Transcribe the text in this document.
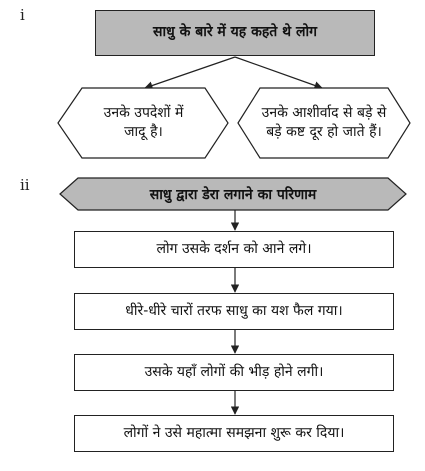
i
ii
साधु के बारे में यह कहते थे लोग
उनके उपदेशों में
जादू है।
उनके आशीर्वाद से बड़े से
बड़े कष्ट दूर हो जाते हैं।
साधु द्वारा डेरा लगाने का परिणाम
लोग उसके दर्शन को आने लगे।
धीरे-धीरे चारों तरफ साधु का यश फैल गया।
उसके यहाँ लोगों की भीड़ होने लगी।
लोगों ने उसे महात्मा समझना शुरू कर दिया।
